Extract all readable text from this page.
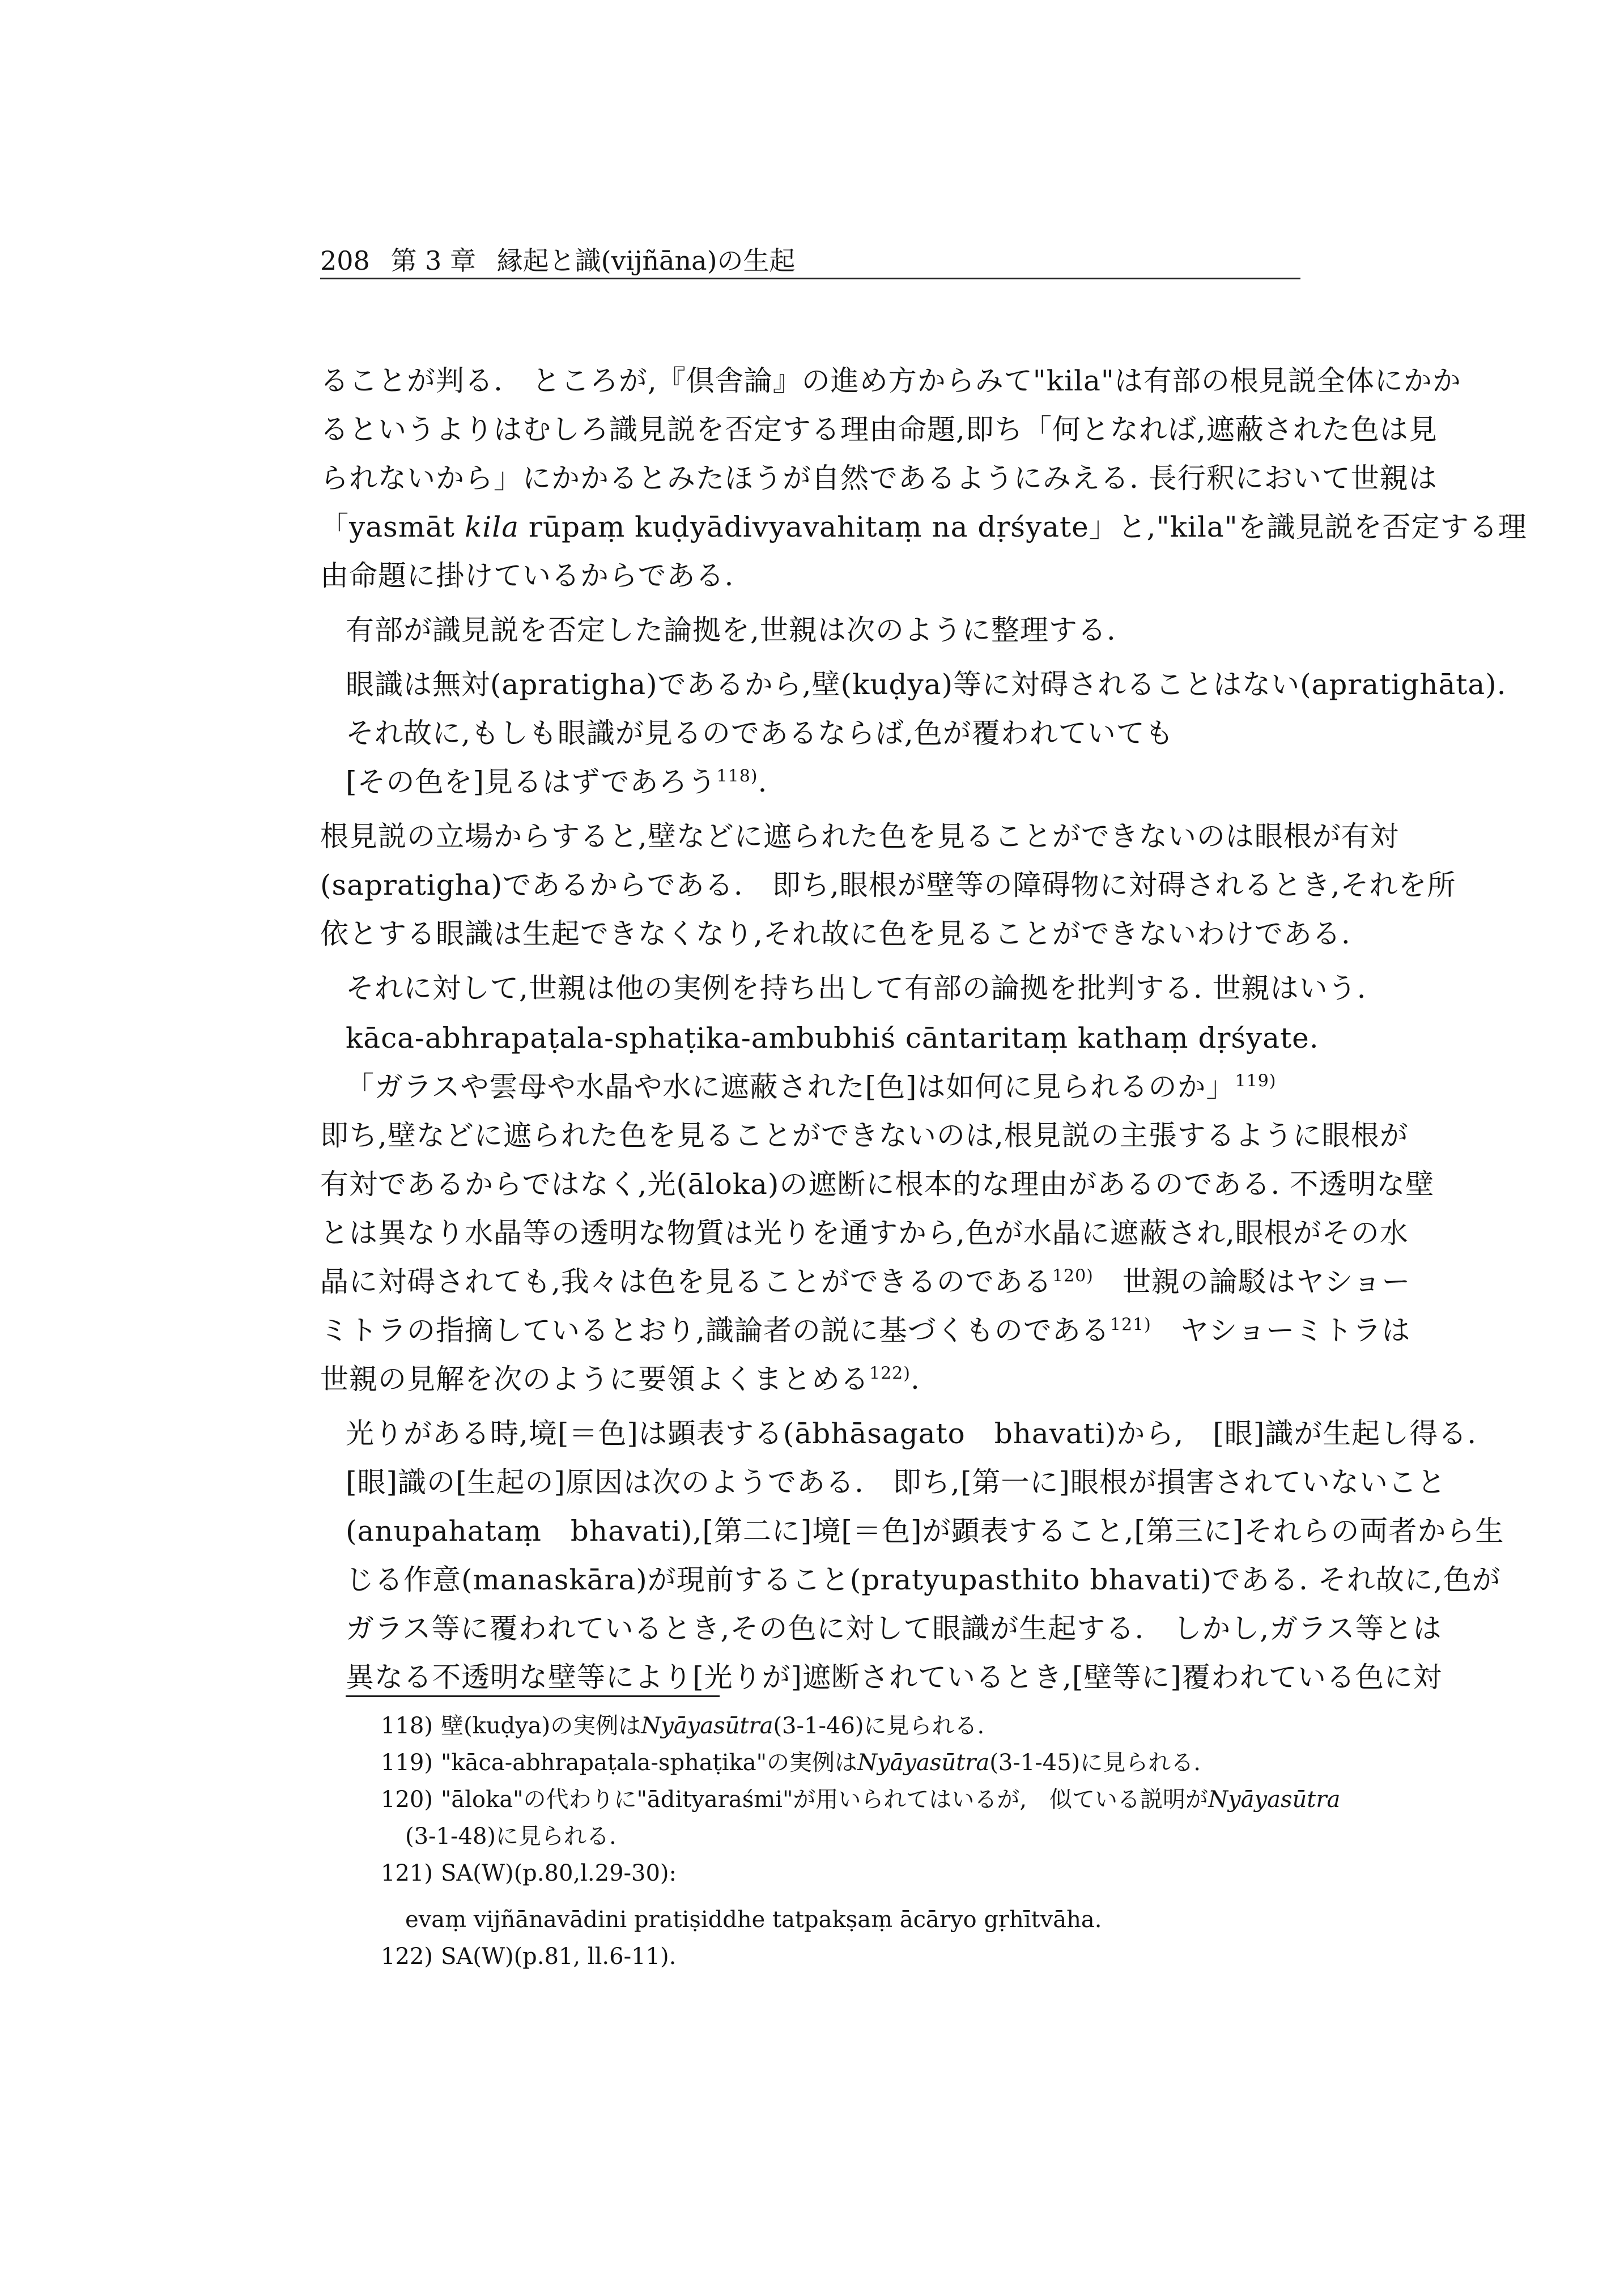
208 第 3 章 縁起と識(vijñāna)の生起
ることが判る.　ところが,『倶舎論』の進め方からみて"kila"は有部の根見説全体にかか
るというよりはむしろ識見説を否定する理由命題,即ち「何となれば,遮蔽された色は見
られないから」にかかるとみたほうが自然であるようにみえる. 長行釈において世親は
「yasmāt kila rūpaṃ kuḍyādivyavahitaṃ na dṛśyate」と,"kila"を識見説を否定する理
由命題に掛けているからである.
有部が識見説を否定した論拠を,世親は次のように整理する.
眼識は無対(apratigha)であるから,壁(kuḍya)等に対碍されることはない(apratighāta).
それ故に,もしも眼識が見るのであるならば,色が覆われていても
[その色を]見るはずであろう$^{118)}$.
根見説の立場からすると,壁などに遮られた色を見ることができないのは眼根が有対
(sapratigha)であるからである.　即ち,眼根が壁等の障碍物に対碍されるとき,それを所
依とする眼識は生起できなくなり,それ故に色を見ることができないわけである.
それに対して,世親は他の実例を持ち出して有部の論拠を批判する. 世親はいう.
kāca-abhrapaṭala-sphaṭika-ambubhiś cāntaritaṃ kathaṃ dṛśyate.
「ガラスや雲母や水晶や水に遮蔽された[色]は如何に見られるのか」$^{119)}$
即ち,壁などに遮られた色を見ることができないのは,根見説の主張するように眼根が
有対であるからではなく,光(āloka)の遮断に根本的な理由があるのである. 不透明な壁
とは異なり水晶等の透明な物質は光りを通すから,色が水晶に遮蔽され,眼根がその水
晶に対碍されても,我々は色を見ることができるのである$^{120)}$　世親の論駁はヤショー
ミトラの指摘しているとおり,識論者の説に基づくものである$^{121)}$　ヤショーミトラは
世親の見解を次のように要領よくまとめる$^{122)}$.
光りがある時,境[＝色]は顕表する(ābhāsagato　bhavati)から,　[眼]識が生起し得る.
[眼]識の[生起の]原因は次のようである.　即ち,[第一に]眼根が損害されていないこと
(anupahataṃ　bhavati),[第二に]境[＝色]が顕表すること,[第三に]それらの両者から生
じる作意(manaskāra)が現前すること(pratyupasthito bhavati)である. それ故に,色が
ガラス等に覆われているとき,その色に対して眼識が生起する.　しかし,ガラス等とは
異なる不透明な壁等により[光りが]遮断されているとき,[壁等に]覆われている色に対
118) 壁(kuḍya)の実例はNyāyasūtra(3-1-46)に見られる.
119) "kāca-abhrapaṭala-sphaṭika"の実例はNyāyasūtra(3-1-45)に見られる.
120) "āloka"の代わりに"ādityaraśmi"が用いられてはいるが,　似ている説明がNyāyasūtra
(3-1-48)に見られる.
121) SA(W)(p.80,l.29-30):
evaṃ vijñānavādini pratiṣiddhe tatpakṣaṃ ācāryo gṛhītvāha.
122) SA(W)(p.81, ll.6-11).
